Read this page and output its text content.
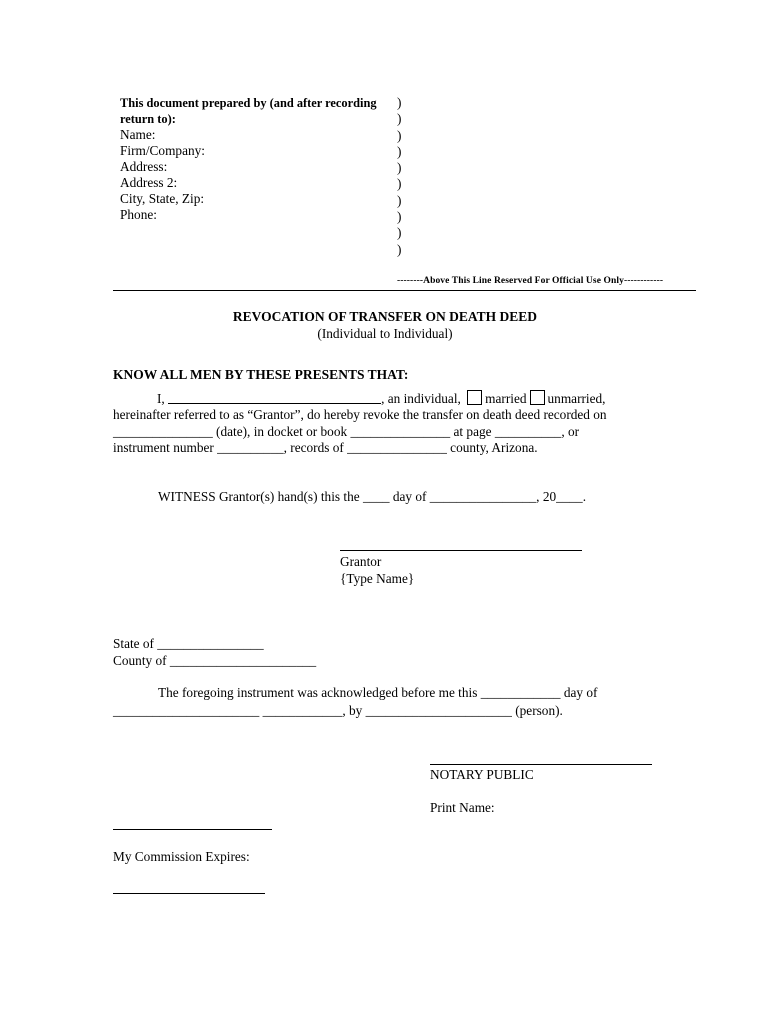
This document prepared by (and after recording
return to):
Name:
Firm/Company:
Address:
Address 2:
City, State, Zip:
Phone:
)
)
)
)
)
)
)
)
)
)
--------Above This Line Reserved For Official Use Only------------
REVOCATION OF TRANSFER ON DEATH DEED
(Individual to Individual)
KNOW ALL MEN BY THESE PRESENTS THAT:
I,	, an individual, married unmarried,
hereinafter referred to as “Grantor”, do hereby revoke the transfer on death deed recorded on
_______________ (date), in docket or book _______________ at page __________, or
instrument number __________, records of _______________ county, Arizona.
WITNESS Grantor(s) hand(s) this the ____ day of ________________, 20____.
Grantor
{Type Name}
State of ________________
County of ______________________
The foregoing instrument was acknowledged before me this ____________ day of
______________________ ____________, by ______________________ (person).
NOTARY PUBLIC
Print Name:
My Commission Expires:
